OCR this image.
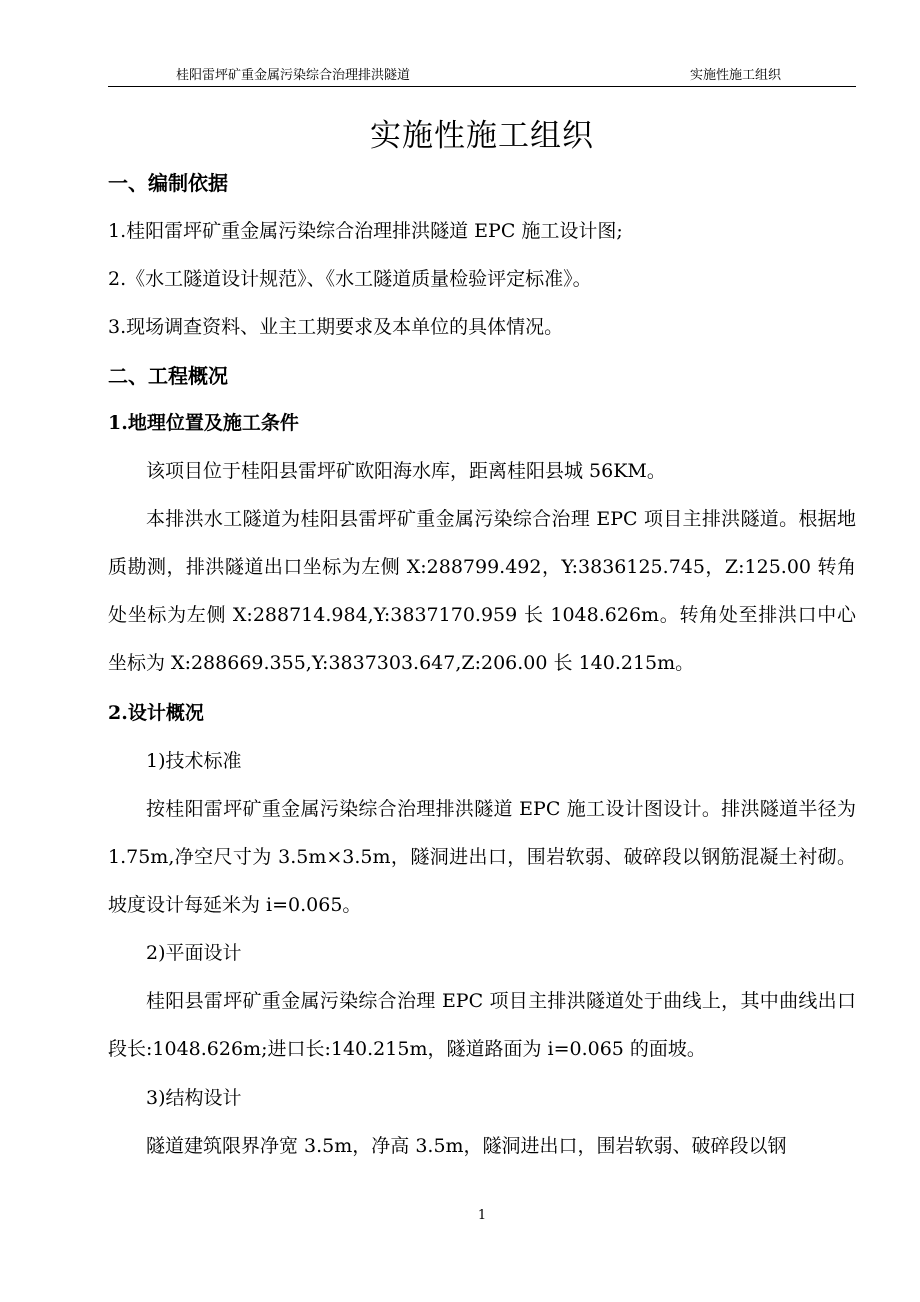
桂阳雷坪矿重金属污染综合治理排洪隧道	实施性施工组织
实施性施工组织
一、编制依据
1.桂阳雷坪矿重金属污染综合治理排洪隧道 EPC 施工设计图;
2.《水工隧道设计规范》、《水工隧道质量检验评定标准》。
3.现场调查资料、业主工期要求及本单位的具体情况。
二、工程概况
1.地理位置及施工条件
该项目位于桂阳县雷坪矿欧阳海水库，距离桂阳县城 56KM。
本排洪水工隧道为桂阳县雷坪矿重金属污染综合治理 EPC 项目主排洪隧道。根据地质勘测，排洪隧道出口坐标为左侧 X:288799.492，Y:3836125.745，Z:125.00 转角处坐标为左侧 X:288714.984,Y:3837170.959 长 1048.626m。转角处至排洪口中心坐标为 X:288669.355,Y:3837303.647,Z:206.00 长 140.215m。
2.设计概况
1)技术标准
按桂阳雷坪矿重金属污染综合治理排洪隧道 EPC 施工设计图设计。排洪隧道半径为 1.75m,净空尺寸为 3.5m×3.5m，隧洞进出口，围岩软弱、破碎段以钢筋混凝土衬砌。坡度设计每延米为 i=0.065。
2)平面设计
桂阳县雷坪矿重金属污染综合治理 EPC 项目主排洪隧道处于曲线上，其中曲线出口段长:1048.626m;进口长:140.215m，隧道路面为 i=0.065 的面坡。
3)结构设计
隧道建筑限界净宽 3.5m，净高 3.5m，隧洞进出口，围岩软弱、破碎段以钢
1
